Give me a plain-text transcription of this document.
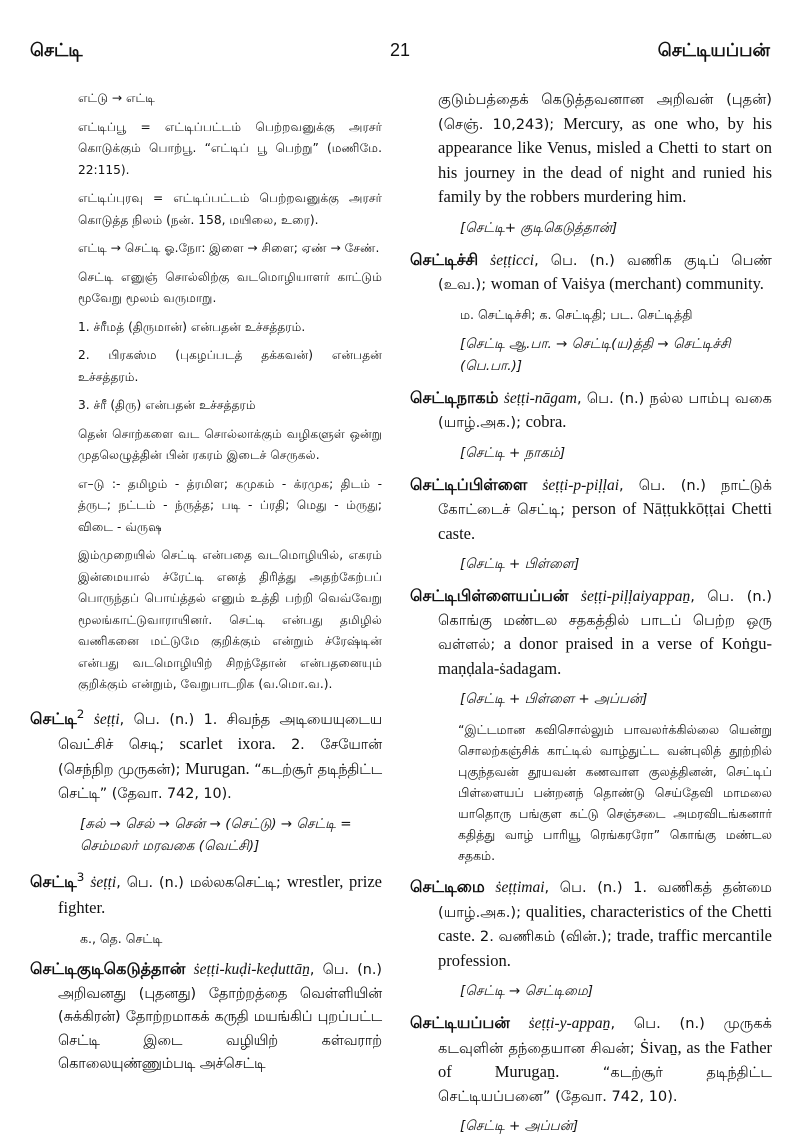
செட்டி	21	செட்டியப்பன்

எட்டு → எட்டி

எட்டிப்பூ = எட்டிப்பட்டம் பெற்றவனுக்கு அரசர் கொடுக்கும் பொற்பூ. “எட்டிப் பூ பெற்று” (மணிமே. 22:115).

எட்டிப்புரவு = எட்டிப்பட்டம் பெற்றவனுக்கு அரசர் கொடுத்த நிலம் (நன். 158, மயிலை, உரை).

எட்டி → செட்டி ஓ.நோ: இளை → சிளை; ஏண் → சேண்.

செட்டி எனுஞ் சொல்லிற்கு வடமொழியாளர் காட்டும் மூவேறு மூலம் வருமாறு.

1. ச்ரீமத் (திருமான்) என்பதன் உச்சத்தரம்.

2. பிரகஸ்ம (புகழப்படத் தக்கவன்) என்பதன் உச்சத்தரம்.

3. ச்ரீ (திரு) என்பதன் உச்சத்தரம்

தென் சொற்களை வட சொல்லாக்கும் வழிகளுள் ஒன்று முதலெழுத்தின் பின் ரகரம் இடைச் செருகல்.

எ–டு :- தமிழம் - த்ரமிள; கமுகம் - க்ரமுக; திடம் - த்ருட; நட்டம் - ந்ருத்த; படி - ப்ரதி; மெது - ம்ருது; விடை - வ்ருஷ

இம்முறையில் செட்டி என்பதை வடமொழியில், எகரம் இன்மையால் ச்ரேட்டி எனத் திரித்து அதற்கேற்பப் பொருந்தப் பொய்த்தல் எனும் உத்தி பற்றி வெவ்வேறு மூலங்காட்டுவாராயினர். செட்டி என்பது தமிழில் வணிகனை மட்டுமே குறிக்கும் என்றும் ச்ரேஷ்டின் என்பது வடமொழியிற் சிறந்தோன் என்பதனையும் குறிக்கும் என்றும், வேறுபாடறிக (வ.மொ.வ.).

செட்டி$^2$ ṡeṭṭi, பெ. (n.) 1. சிவந்த அடியையுடைய வெட்சிச் செடி; scarlet ixora. 2. சேயோன் (செந்நிற முருகன்); Murugan. “கடற்சூர் தடிந்திட்ட செட்டி” (தேவா. 742, 10).

[சுல் → செல் → சென் → (செட்டு) → செட்டி = செம்மலர் மரவகை (வெட்சி)]

செட்டி$^3$ ṡeṭṭi, பெ. (n.) மல்லகசெட்டி; wrestler, prize fighter.

க., தெ. செட்டி

செட்டிகுடிகெடுத்தான் ṡeṭṭi-kuḍi-keḍuttāṉ, பெ. (n.) அறிவனது (புதனது) தோற்றத்தை வெள்ளியின் (சுக்கிரன்) தோற்றமாகக் கருதி மயங்கிப் புறப்பட்ட செட்டி இடை வழியிற் கள்வராற் கொலையுண்ணும்படி அச்செட்டி

குடும்பத்தைக் கெடுத்தவனான அறிவன் (புதன்) (செஞ். 10,243); Mercury, as one who, by his appearance like Venus, misled a Chetti to start on his journey in the dead of night and runied his family by the robbers murdering him.

[செட்டி+ குடிகெடுத்தான்]

செட்டிச்சி ṡeṭṭicci, பெ. (n.) வணிக குடிப் பெண் (உவ.); woman of Vaiṡya (merchant) community.

ம. செட்டிச்சி; க. செட்டிதி; பட. செட்டித்தி

[செட்டி ஆ.பா. → செட்டி(ய)த்தி → செட்டிச்சி (பெ.பா.)]

செட்டிநாகம் ṡeṭṭi-nāgam, பெ. (n.) நல்ல பாம்பு வகை (யாழ்.அக.); cobra.

[செட்டி + நாகம்]

செட்டிப்பிள்ளை ṡeṭṭi-p-piḷḷai, பெ. (n.) நாட்டுக் கோட்டைச் செட்டி; person of Nāṭṭukkōṭṭai Chetti caste.

[செட்டி + பிள்ளை]

செட்டிபிள்ளையப்பன் ṡeṭṭi-piḷḷaiyappaṉ, பெ. (n.) கொங்கு மண்டல சதகத்தில் பாடப் பெற்ற ஒரு வள்ளல்; a donor praised in a verse of Koṅgu-maṇḍala-ṡadagam.

[செட்டி + பிள்ளை + அப்பன்]

“இட்டமான கவிசொல்லும் பாவலர்க்கில்லை யென்று சொலற்கஞ்சிக் காட்டில் வாழ்துட்ட வன்புலித் தூற்றில் புகுந்தவன் தூயவன் கணவாள குலத்தினன், செட்டிப் பிள்ளையப் பன்றனந் தொண்டு செய்தேவி மாமலை யாதொரு பங்குள கட்டு செஞ்சடை அமரவிடங்கனார் கதித்து வாழ் பாரியூ ரெங்கரரோ” கொங்கு மண்டல சதகம்.

செட்டிமை ṡeṭṭimai, பெ. (n.) 1. வணிகத் தன்மை (யாழ்.அக.); qualities, characteristics of the Chetti caste. 2. வணிகம் (வின்.); trade, traffic mercantile profession.

[செட்டி → செட்டிமை]

செட்டியப்பன் ṡeṭṭi-y-appaṉ, பெ. (n.) முருகக் கடவுளின் தந்தையான சிவன்; Ṡivaṉ, as the Father of Murugaṉ. “கடற்சூர் தடிந்திட்ட செட்டியப்பனை” (தேவா. 742, 10).

[செட்டி + அப்பன்]
